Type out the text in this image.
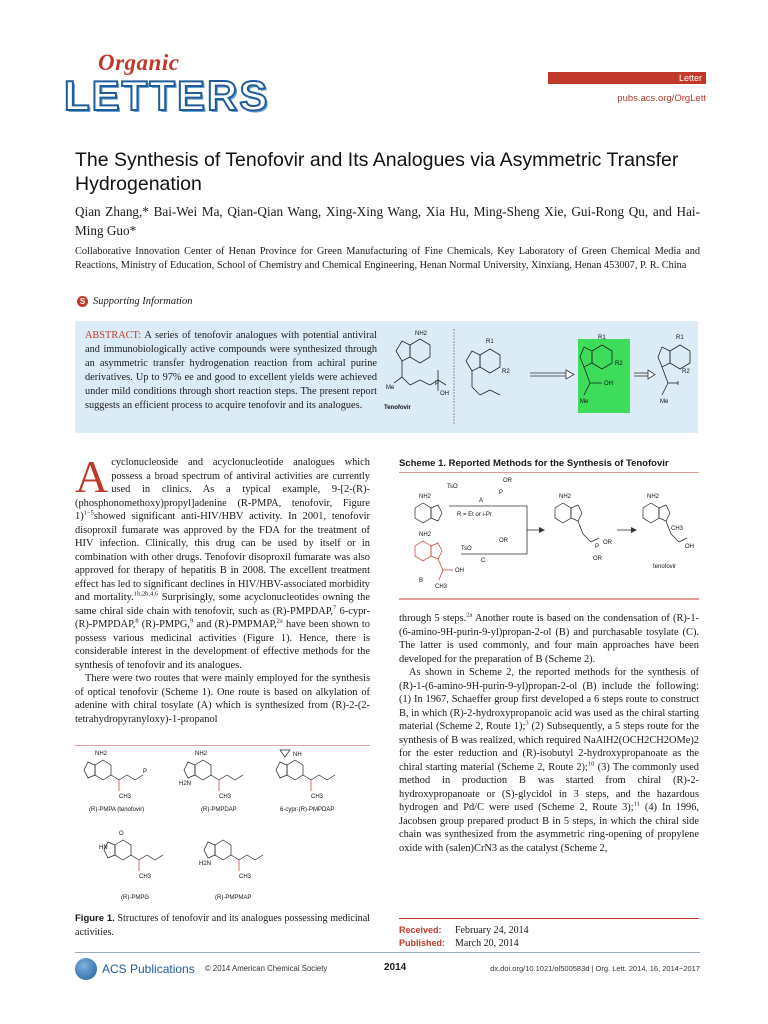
Organic
LETTERS	Letter
pubs.acs.org/OrgLett
The Synthesis of Tenofovir and Its Analogues via Asymmetric Transfer Hydrogenation
Qian Zhang,* Bai-Wei Ma, Qian-Qian Wang, Xing-Xing Wang, Xia Hu, Ming-Sheng Xie, Gui-Rong Qu, and Hai-Ming Guo*
Collaborative Innovation Center of Henan Province for Green Manufacturing of Fine Chemicals, Key Laboratory of Green Chemical Media and Reactions, Ministry of Education, School of Chemistry and Chemical Engineering, Henan Normal University, Xinxiang, Henan 453007, P. R. China
S Supporting Information
ABSTRACT: A series of tenofovir analogues with potential antiviral and immunobiologically active compounds were synthesized through an asymmetric transfer hydrogenation reaction from achiral purine derivatives. Up to 97% ee and good to excellent yields were achieved under mild conditions through short reaction steps. The present report suggests an efficient process to acquire tenofovir and its analogues.
NH2
Me
P
OH
Tenofovir
R1
R2
R1
R2
OH
Me
R1
R2
Me

Acyclonucleoside and acyclonucleotide analogues which possess a broad spectrum of antiviral activities are currently used in clinics. As a typical example, 9-[2-(R)-(phosphonomethoxy)propyl]adenine (R-PMPA, tenofovir, Figure 1)$^{1-5}$showed significant anti-HIV/HBV activity. In 2001, tenofovir disoproxil fumarate was approved by the FDA for the treatment of HIV infection. Clinically, this drug can be used by itself or in combination with other drugs. Tenofovir disoproxil fumarate was also approved for therapy of hepatitis B in 2008. The excellent treatment effect has led to significant declines in HIV/HBV-associated morbidity and mortality.$^{1b,2b,4,6}$ Surprisingly, some acyclonucleotides owning the same chiral side chain with tenofovir, such as (R)-PMPDAP,$^7$ 6-cypr-(R)-PMPDAP,$^8$ (R)-PMPG,$^9$ and (R)-PMPMAP,$^{2a}$ have been shown to possess various medicinal activities (Figure 1). Hence, there is considerable interest in the development of effective methods for the synthesis of tenofovir and its analogues.

There were two routes that were mainly employed for the synthesis of optical tenofovir (Scheme 1). One route is based on alkylation of adenine with chiral tosylate (A) which is synthesized from (R)-2-(2-tetrahydropyranyloxy)-1-propanol

NH2
P
CH3
(R)-PMPA (tenofovir)
NH2
H2N
CH3
(R)-PMPDAP
NH
CH3
6-cypr-(R)-PMPDAP
O
HN
CH3
(R)-PMPG
H2N
CH3
(R)-PMPMAP
Figure 1. Structures of tenofovir and its analogues possessing medicinal activities.
Scheme 1. Reported Methods for the Synthesis of Tenofovir
NH2
TsO
OR
P
A
R = Et or i-Pr
NH2
OH
CH3
B
TsO
OR
C
NH2
P
OR
OR
NH2
CH3
OH
tenofovir

through 5 steps.$^{2a}$ Another route is based on the condensation of (R)-1-(6-amino-9H-purin-9-yl)propan-2-ol (B) and purchasable tosylate (C). The latter is used commonly, and four main approaches have been developed for the preparation of B (Scheme 2).

As shown in Scheme 2, the reported methods for the synthesis of (R)-1-(6-amino-9H-purin-9-yl)propan-2-ol (B) include the following: (1) In 1967, Schaeffer group first developed a 6 steps route to construct B, in which (R)-2-hydroxypropanoic acid was used as the chiral starting material (Scheme 2, Route 1);$^3$ (2) Subsequently, a 5 steps route for the synthesis of B was realized, which required NaAlH2(OCH2CH2OMe)2 for the ester reduction and (R)-isobutyl 2-hydroxypropanoate as the chiral starting material (Scheme 2, Route 2);$^{10}$ (3) The commonly used method in production B was started from chiral (R)-2-hydroxypropanoate or (S)-glycidol in 3 steps, and the hazardous hydrogen and Pd/C were used (Scheme 2, Route 3);$^{11}$ (4) In 1996, Jacobsen group prepared product B in 5 steps, in which the chiral side chain was synthesized from the asymmetric ring-opening of propylene oxide with (salen)CrN3 as the catalyst (Scheme 2,

Received: February 24, 2014
Published: March 20, 2014
ACS Publications © 2014 American Chemical Society	2014	dx.doi.org/10.1021/ol500583d | Org. Lett. 2014, 16, 2014−2017
